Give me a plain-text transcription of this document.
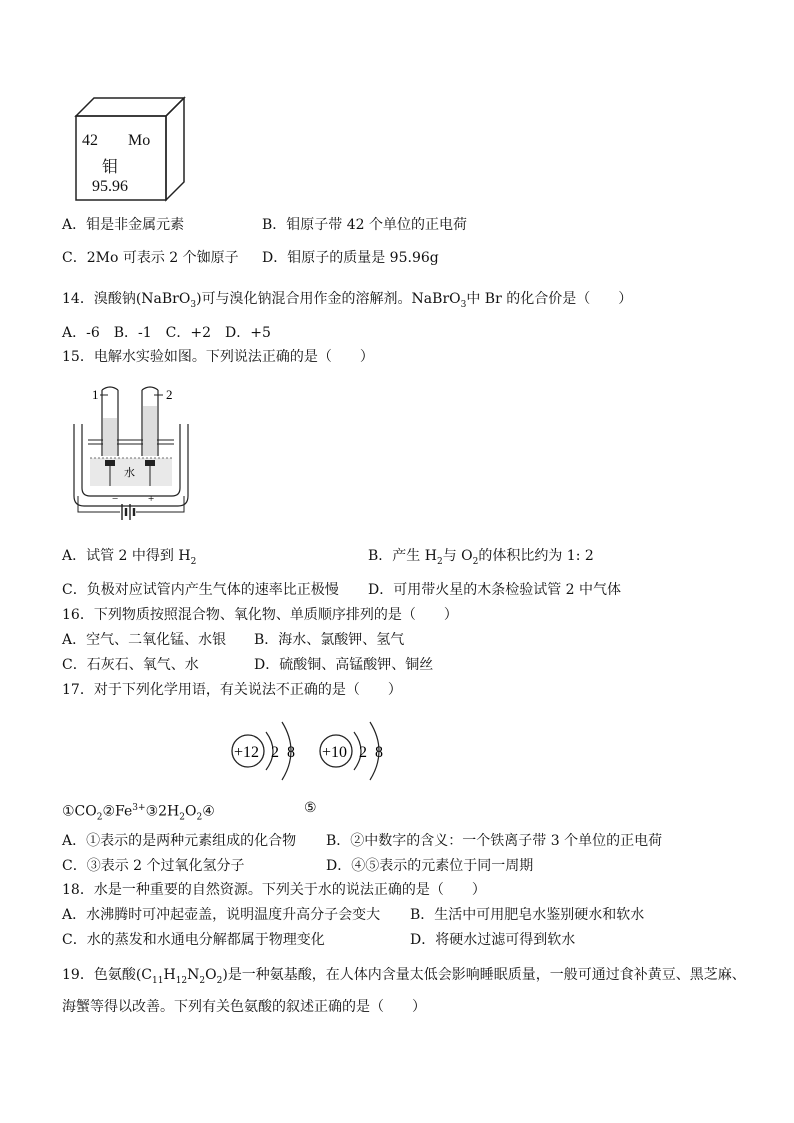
42 Mo
钼
95.96
A．钼是非金属元素	B．钼原子带 42 个单位的正电荷
C．2Mo 可表示 2 个铷原子 D．钼原子的质量是 95.96g
14．溴酸钠(NaBrO$_3$)可与溴化钠混合用作金的溶解剂。NaBrO$_3$中 Br 的化合价是（　　）
A．-6　B．-1　C．+2　D．+5
15．电解水实验如图。下列说法正确的是（　　）
1	2
水
−	+
A．试管 2 中得到 $H_2$	B．产生 $H_2$与 $O_2$的体积比约为 1: 2
C．负极对应试管内产生气体的速率比正极慢 D．可用带火星的木条检验试管 2 中气体
16．下列物质按照混合物、氧化物、单质顺序排列的是（　　）
A．空气、二氧化锰、水银 B．海水、氯酸钾、氢气
C．石灰石、氧气、水	D．硫酸铜、高锰酸钾、铜丝
17．对于下列化学用语，有关说法不正确的是（　　）
+12 2 8 +10 2 8
$①CO_2②Fe^{3+}③2H_2O_2④$	⑤
A．①表示的是两种元素组成的化合物 B．②中数字的含义：一个铁离子带 3 个单位的正电荷
C．③表示 2 个过氧化氢分子	D．④⑤表示的元素位于同一周期
18．水是一种重要的自然资源。下列关于水的说法正确的是（　　）
A．水沸腾时可冲起壶盖，说明温度升高分子会变大 B．生活中可用肥皂水鉴别硬水和软水
C．水的蒸发和水通电分解都属于物理变化	D．将硬水过滤可得到软水
19．色氨酸$(C_{11}H_{12}N_2O_2)$是一种氨基酸，在人体内含量太低会影响睡眠质量，一般可通过食补黄豆、黑芝麻、
海蟹等得以改善。下列有关色氨酸的叙述正确的是（　　）
